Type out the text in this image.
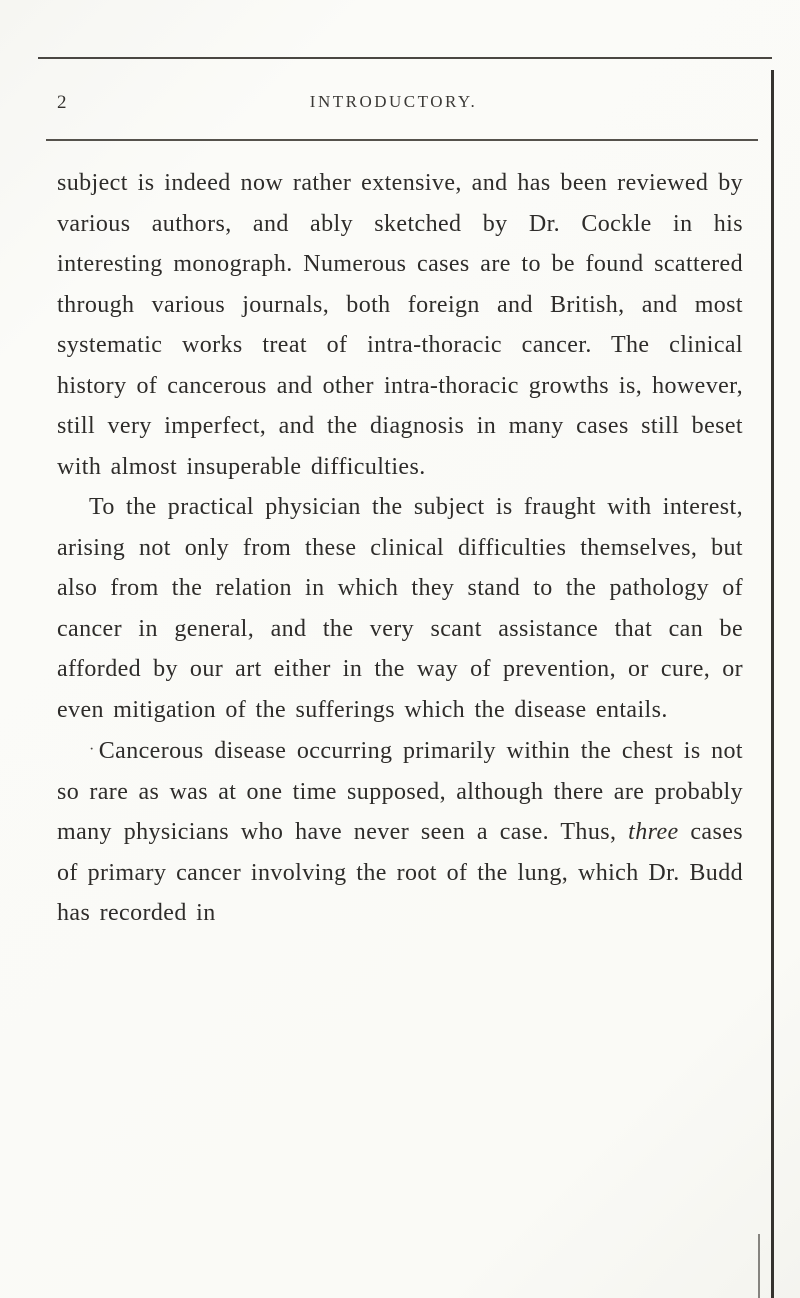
2	INTRODUCTORY.

subject is indeed now rather extensive, and has been reviewed by various authors, and ably sketched by Dr. Cockle in his interesting monograph. Numerous cases are to be found scattered through various journals, both foreign and British, and most systematic works treat of intra-thoracic cancer. The clinical history of cancerous and other intra-thoracic growths is, however, still very imperfect, and the diagnosis in many cases still beset with almost insuperable difficulties.

To the practical physician the subject is fraught with interest, arising not only from these clinical difficulties themselves, but also from the relation in which they stand to the pathology of cancer in general, and the very scant assistance that can be afforded by our art either in the way of prevention, or cure, or even mitigation of the sufferings which the disease entails.

· Cancerous disease occurring primarily within the chest is not so rare as was at one time supposed, although there are probably many physicians who have never seen a case. Thus, three cases of primary cancer involving the root of the lung, which Dr. Budd has recorded in
